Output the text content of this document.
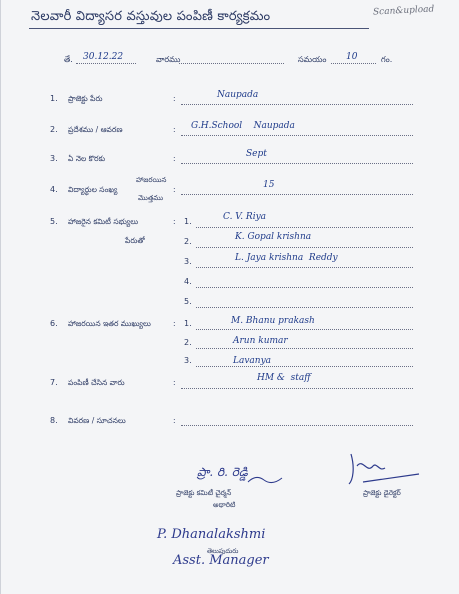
నెలవారీ విద్యాసర వస్తువుల పంపిణీ కార్యక్రమం	Scan&upload
తే. 30.12.22	వారము	సమయం 10	గం.
1. ప్రాజెక్టు పేరు	:	Naupada
2. ప్రదేశము / ఆవరణ	: G.H.School    Naupada
3. ఏ నెల కొరకు	:	Sept
4. విద్యార్థుల సంఖ్య
హాజరయిన
మొత్తము
:	15
5. హాజరైన కమిటీ సభ్యులు
పేరుతో
: 1.	C. V. Riya
2.	K. Gopal krishna
3.	L. Jaya krishna  Reddy
4.
5.
6. హాజరయిన ఇతర ముఖ్యులు	: 1.	M. Bhanu prakash
2.	Arun kumar
3.	Lavanya
7. పంపిణీ చేసిన వారు	:	HM &  staff
8. వివరణ / సూచనలు	:
ప్రా. రి. రెడ్డి
ప్రాజెక్టు కమిటీ చైర్మన్
అథారిటి
ప్రాజెక్టు డైరెక్టర్
P. Dhanalakshmi
తెలుపుదురు
Asst. Manager
